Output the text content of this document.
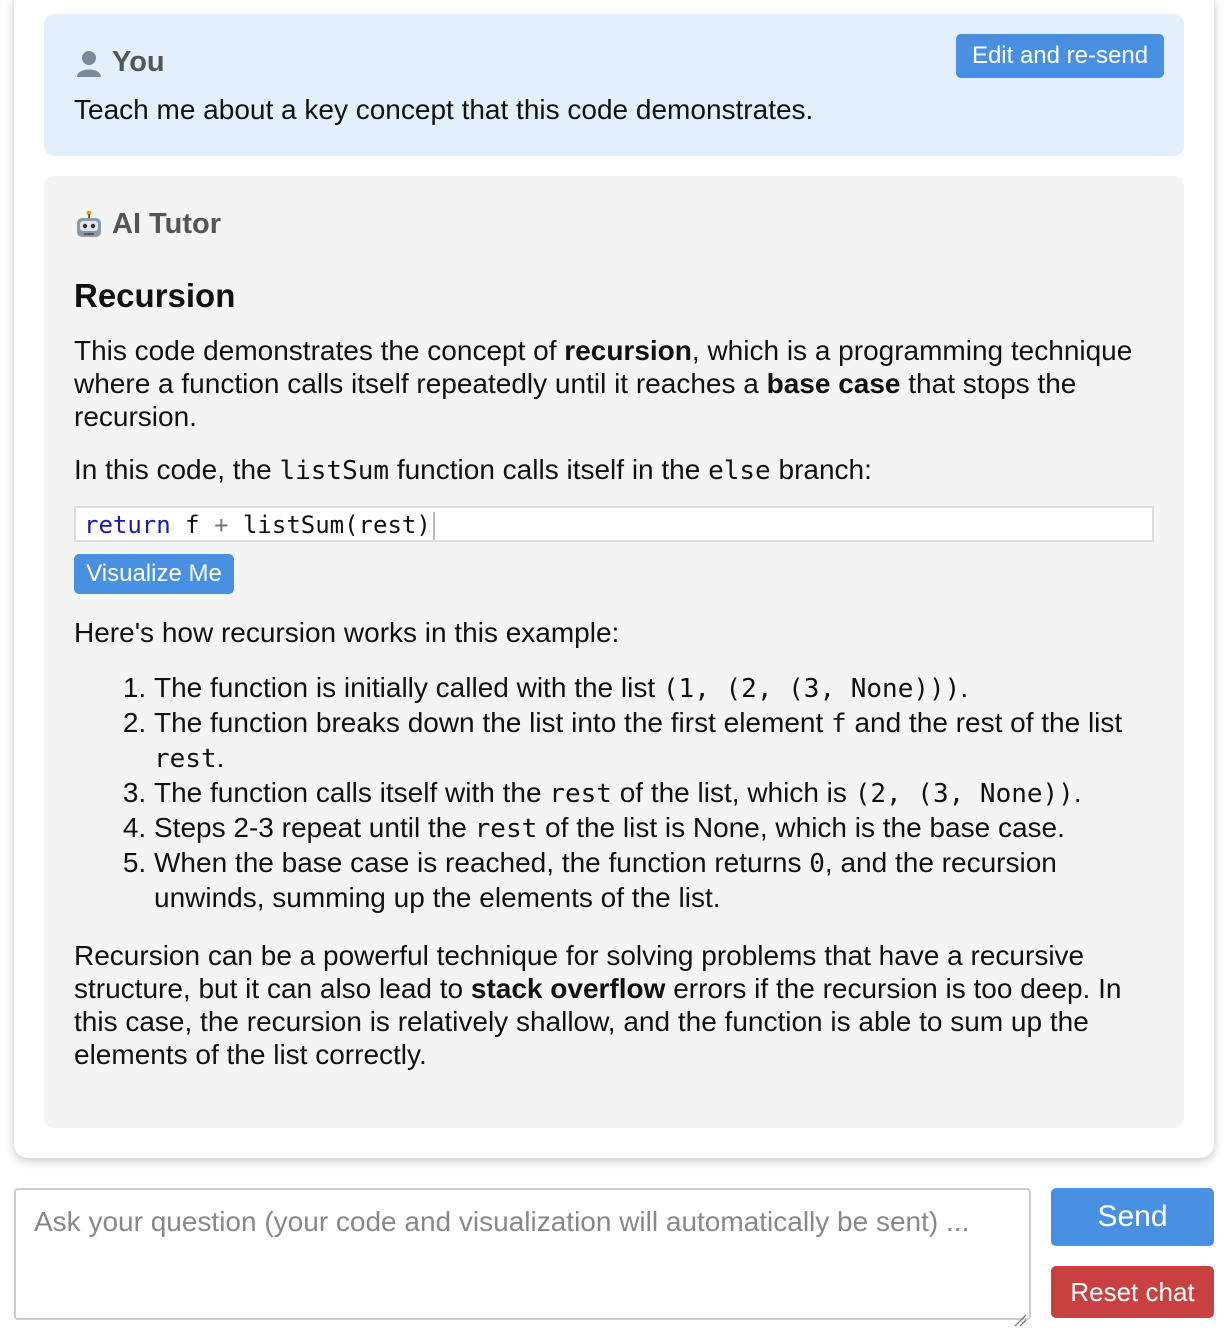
You
Teach me about a key concept that this code demonstrates.
Edit and re-send
AI Tutor
Recursion

This code demonstrates the concept of recursion, which is a programming technique where a function calls itself repeatedly until it reaches a base case that stops the recursion.

In this code, the listSum function calls itself in the else branch:

return f + listSum(rest)
Visualize Me

Here's how recursion works in this example:

1. The function is initially called with the list (1, (2, (3, None))).
2. The function breaks down the list into the first element f and the rest of the list rest.
3. The function calls itself with the rest of the list, which is (2, (3, None)).
4. Steps 2-3 repeat until the rest of the list is None, which is the base case.
5. When the base case is reached, the function returns 0, and the recursion unwinds, summing up the elements of the list.

Recursion can be a powerful technique for solving problems that have a recursive structure, but it can also lead to stack overflow errors if the recursion is too deep. In this case, the recursion is relatively shallow, and the function is able to sum up the elements of the list correctly.

Ask your question (your code and visualization will automatically be sent) ...	Send
Reset chat
